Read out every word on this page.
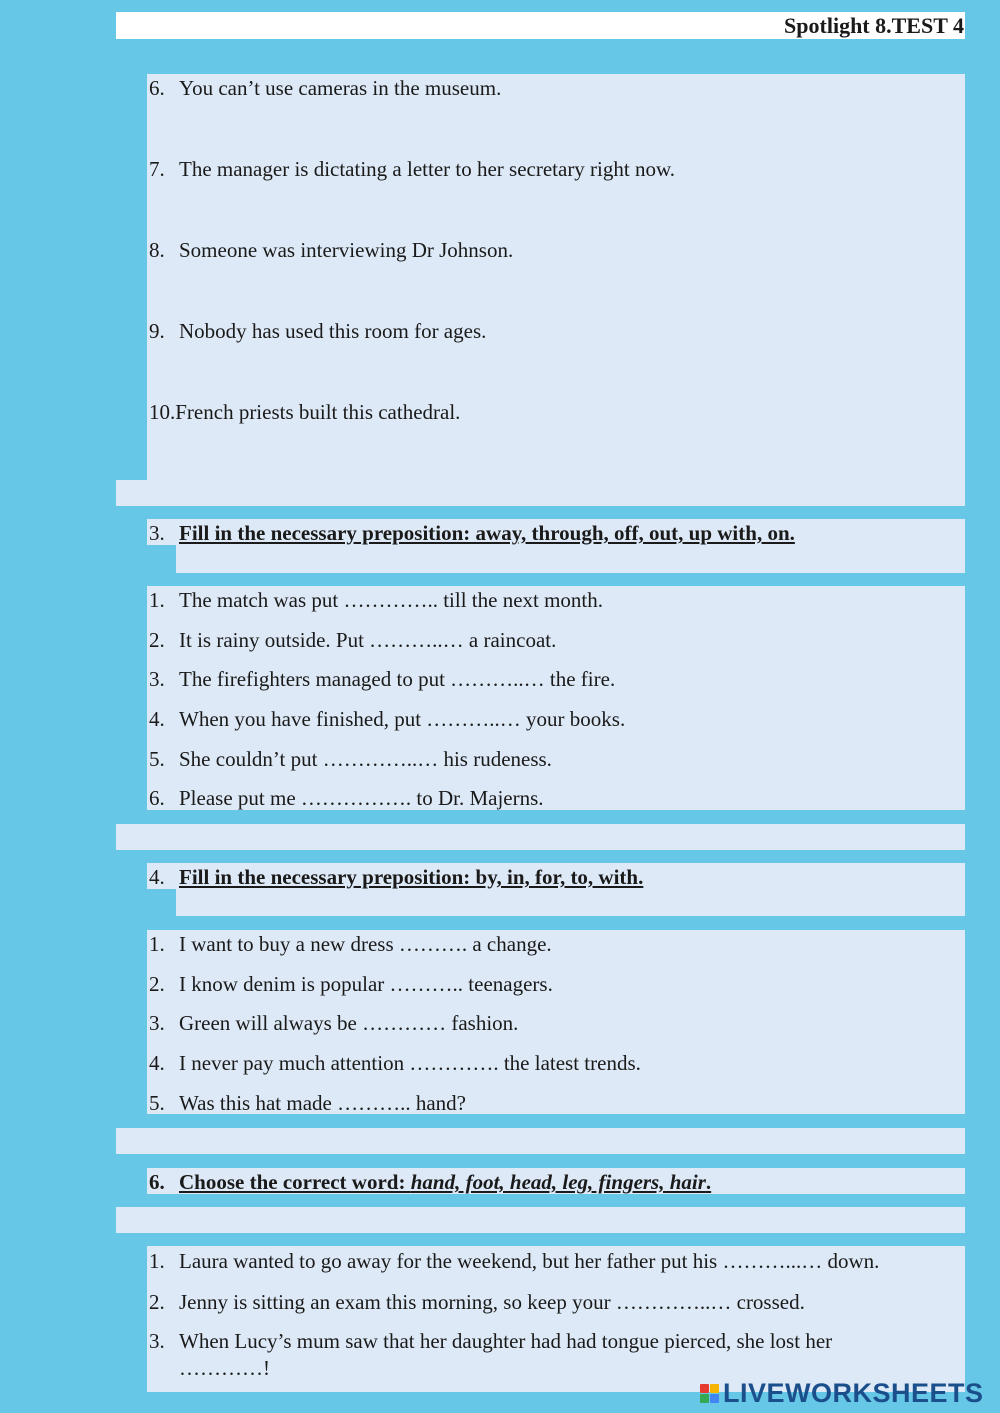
Spotlight 8.TEST 4
6. You can’t use cameras in the museum.
7. The manager is dictating a letter to her secretary right now.
8. Someone was interviewing Dr Johnson.
9. Nobody has used this room for ages.
10.French priests built this cathedral.
3. Fill in the necessary preposition: away, through, off, out, up with, on.
1. The match was put ………….. till the next month.
2. It is rainy outside. Put ………..… a raincoat.
3. The firefighters managed to put ………..… the fire.
4. When you have finished, put ………..… your books.
5. She couldn’t put …………..… his rudeness.
6. Please put me ……………. to Dr. Majerns.
4. Fill in the necessary preposition: by, in, for, to, with.
1. I want to buy a new dress ………. a change.
2. I know denim is popular ……….. teenagers.
3. Green will always be ………… fashion.
4. I never pay much attention …………. the latest trends.
5. Was this hat made ……….. hand?
6. Choose the correct word: hand, foot, head, leg, fingers, hair.
1. Laura wanted to go away for the weekend, but her father put his ………...… down.
2. Jenny is sitting an exam this morning, so keep your …………..… crossed.
3. When Lucy’s mum saw that her daughter had had tongue pierced, she lost her
…………!
LIVEWORKSHEETS
